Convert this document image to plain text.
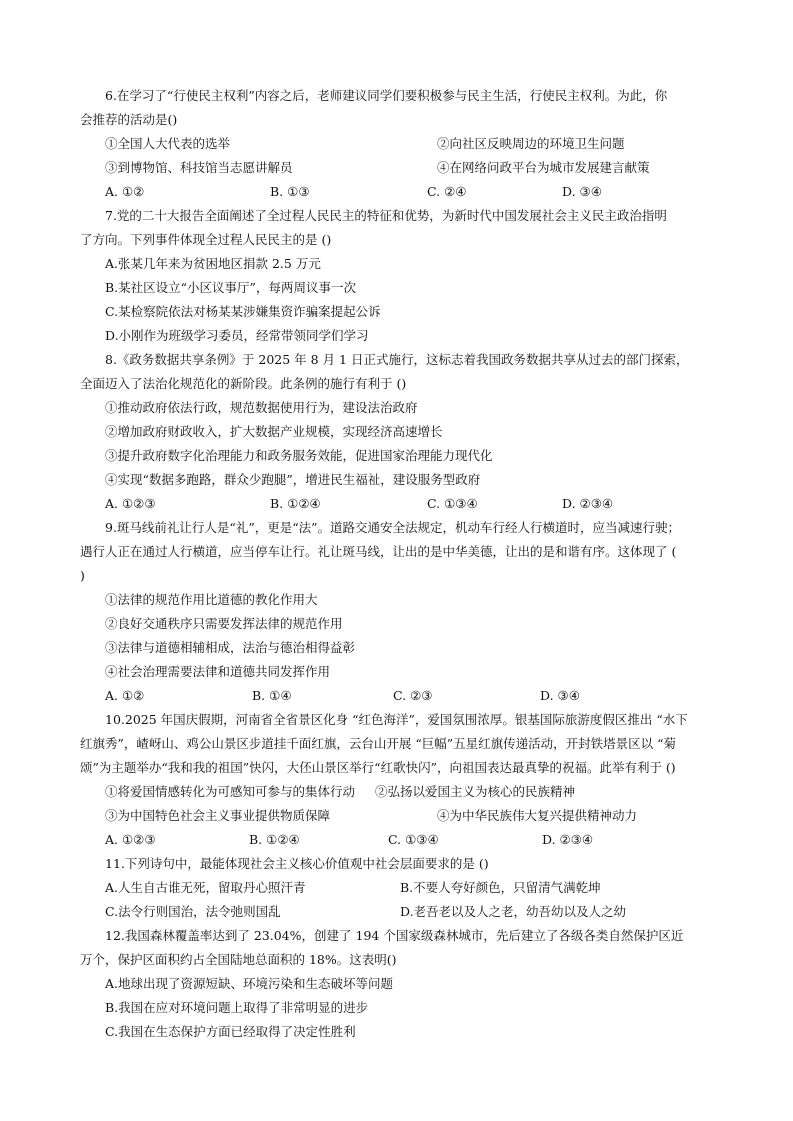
6.在学习了“行使民主权利”内容之后，老师建议同学们要积极参与民主生活，行使民主权利。为此，你
会推荐的活动是()
①全国人大代表的选举	②向社区反映周边的环境卫生问题
③到博物馆、科技馆当志愿讲解员	④在网络问政平台为城市发展建言献策
A. ①②	B. ①③	C. ②④	D. ③④
7.党的二十大报告全面阐述了全过程人民民主的特征和优势，为新时代中国发展社会主义民主政治指明
了方向。下列事件体现全过程人民民主的是 ()
A.张某几年来为贫困地区捐款 2.5 万元
B.某社区设立“小区议事厅”，每两周议事一次
C.某检察院依法对杨某某涉嫌集资诈骗案提起公诉
D.小刚作为班级学习委员，经常带领同学们学习
8.《政务数据共享条例》于 2025 年 8 月 1 日正式施行，这标志着我国政务数据共享从过去的部门探索，
全面迈入了法治化规范化的新阶段。此条例的施行有利于 ()
①推动政府依法行政，规范数据使用行为，建设法治政府
②增加政府财政收入，扩大数据产业规模，实现经济高速增长
③提升政府数字化治理能力和政务服务效能，促进国家治理能力现代化
④实现“数据多跑路，群众少跑腿”，增进民生福祉，建设服务型政府
A. ①②③	B. ①②④	C. ①③④	D. ②③④
9.斑马线前礼让行人是“礼”，更是“法”。道路交通安全法规定，机动车行经人行横道时，应当减速行驶；
遇行人正在通过人行横道，应当停车让行。礼让斑马线，让出的是中华美德，让出的是和谐有序。这体现了 (
)
①法律的规范作用比道德的教化作用大
②良好交通秩序只需要发挥法律的规范作用
③法律与道德相辅相成，法治与德治相得益彰
④社会治理需要法律和道德共同发挥作用
A. ①②	B. ①④	C. ②③	D. ③④
10.2025 年国庆假期，河南省全省景区化身 “红色海洋”，爱国氛围浓厚。银基国际旅游度假区推出 “水下
红旗秀”，嵖岈山、鸡公山景区步道挂千面红旗，云台山开展 “巨幅”五星红旗传递活动，开封铁塔景区以 “菊
颂”为主题举办“我和我的祖国”快闪，大伾山景区举行“红歌快闪”，向祖国表达最真挚的祝福。此举有利于 ()
①将爱国情感转化为可感知可参与的集体行动 ②弘扬以爱国主义为核心的民族精神
③为中国特色社会主义事业提供物质保障	④为中华民族伟大复兴提供精神动力
A. ①②③	B. ①②④	C. ①③④	D. ②③④
11.下列诗句中，最能体现社会主义核心价值观中社会层面要求的是 ()
A.人生自古谁无死，留取丹心照汗青	B.不要人夸好颜色，只留清气满乾坤
C.法令行则国治，法令弛则国乱	D.老吾老以及人之老，幼吾幼以及人之幼
12.我国森林覆盖率达到了 23.04%，创建了 194 个国家级森林城市，先后建立了各级各类自然保护区近
万个，保护区面积约占全国陆地总面积的 18%。这表明()
A.地球出现了资源短缺、环境污染和生态破坏等问题
B.我国在应对环境问题上取得了非常明显的进步
C.我国在生态保护方面已经取得了决定性胜利
